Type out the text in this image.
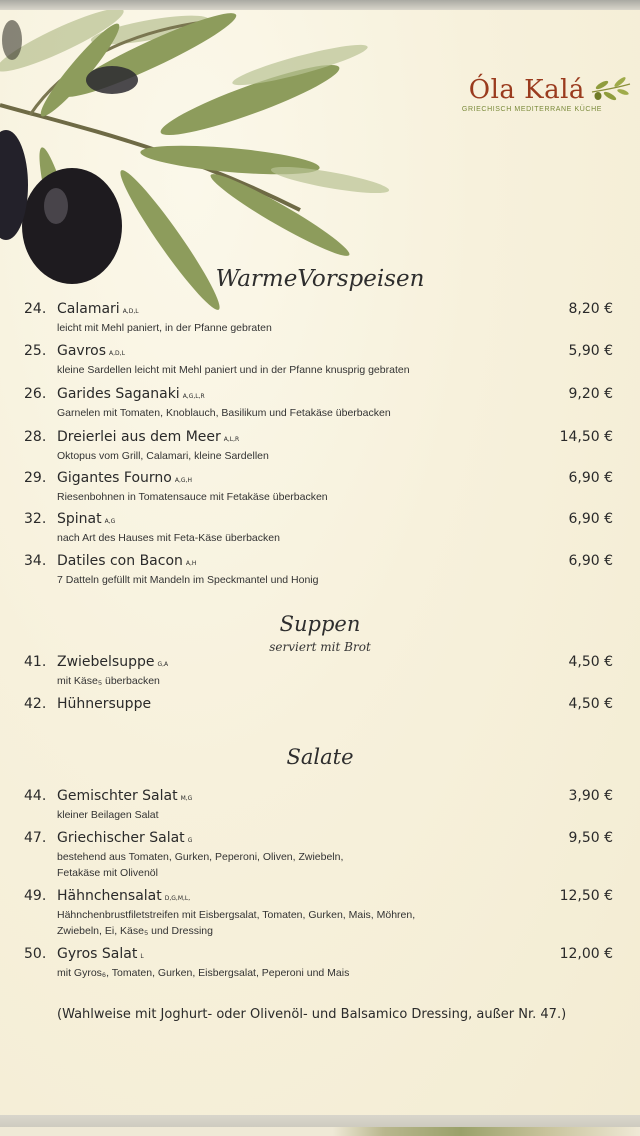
Óla Kalá
GRIECHISCH MEDITERRANE KÜCHE
WarmeVorspeisen
24. Calamari A,D,L	8,20 €
leicht mit Mehl paniert, in der Pfanne gebraten
25. Gavros A,D,L	5,90 €
kleine Sardellen leicht mit Mehl paniert und in der Pfanne knusprig gebraten
26. Garides Saganaki A,G,L,R	9,20 €
Garnelen mit Tomaten, Knoblauch, Basilikum und Fetakäse überbacken
28. Dreierlei aus dem Meer A,L,R	14,50 €
Oktopus vom Grill, Calamari, kleine Sardellen
29. Gigantes Fourno A,G,H	6,90 €
Riesenbohnen in Tomatensauce mit Fetakäse überbacken
32. Spinat A,G	6,90 €
nach Art des Hauses mit Feta-Käse überbacken
34. Datiles con Bacon A,H	6,90 €
7 Datteln gefüllt mit Mandeln im Speckmantel und Honig
Suppen
serviert mit Brot
41. Zwiebelsuppe G,A	4,50 €
mit Käse₅ überbacken
42. Hühnersuppe	4,50 €
Salate
44. Gemischter Salat M,G	3,90 €
kleiner Beilagen Salat
47. Griechischer Salat G	9,50 €
bestehend aus Tomaten, Gurken, Peperoni, Oliven, Zwiebeln,
Fetakäse mit Olivenöl
49. Hähnchensalat D,G,M,L,	12,50 €
Hähnchenbrustfiletstreifen mit Eisbergsalat, Tomaten, Gurken, Mais, Möhren,
Zwiebeln, Ei, Käse₅ und Dressing
50. Gyros Salat L	12,00 €
mit Gyros₆, Tomaten, Gurken, Eisbergsalat, Peperoni und Mais
(Wahlweise mit Joghurt- oder Olivenöl- und Balsamico Dressing, außer Nr. 47.)
